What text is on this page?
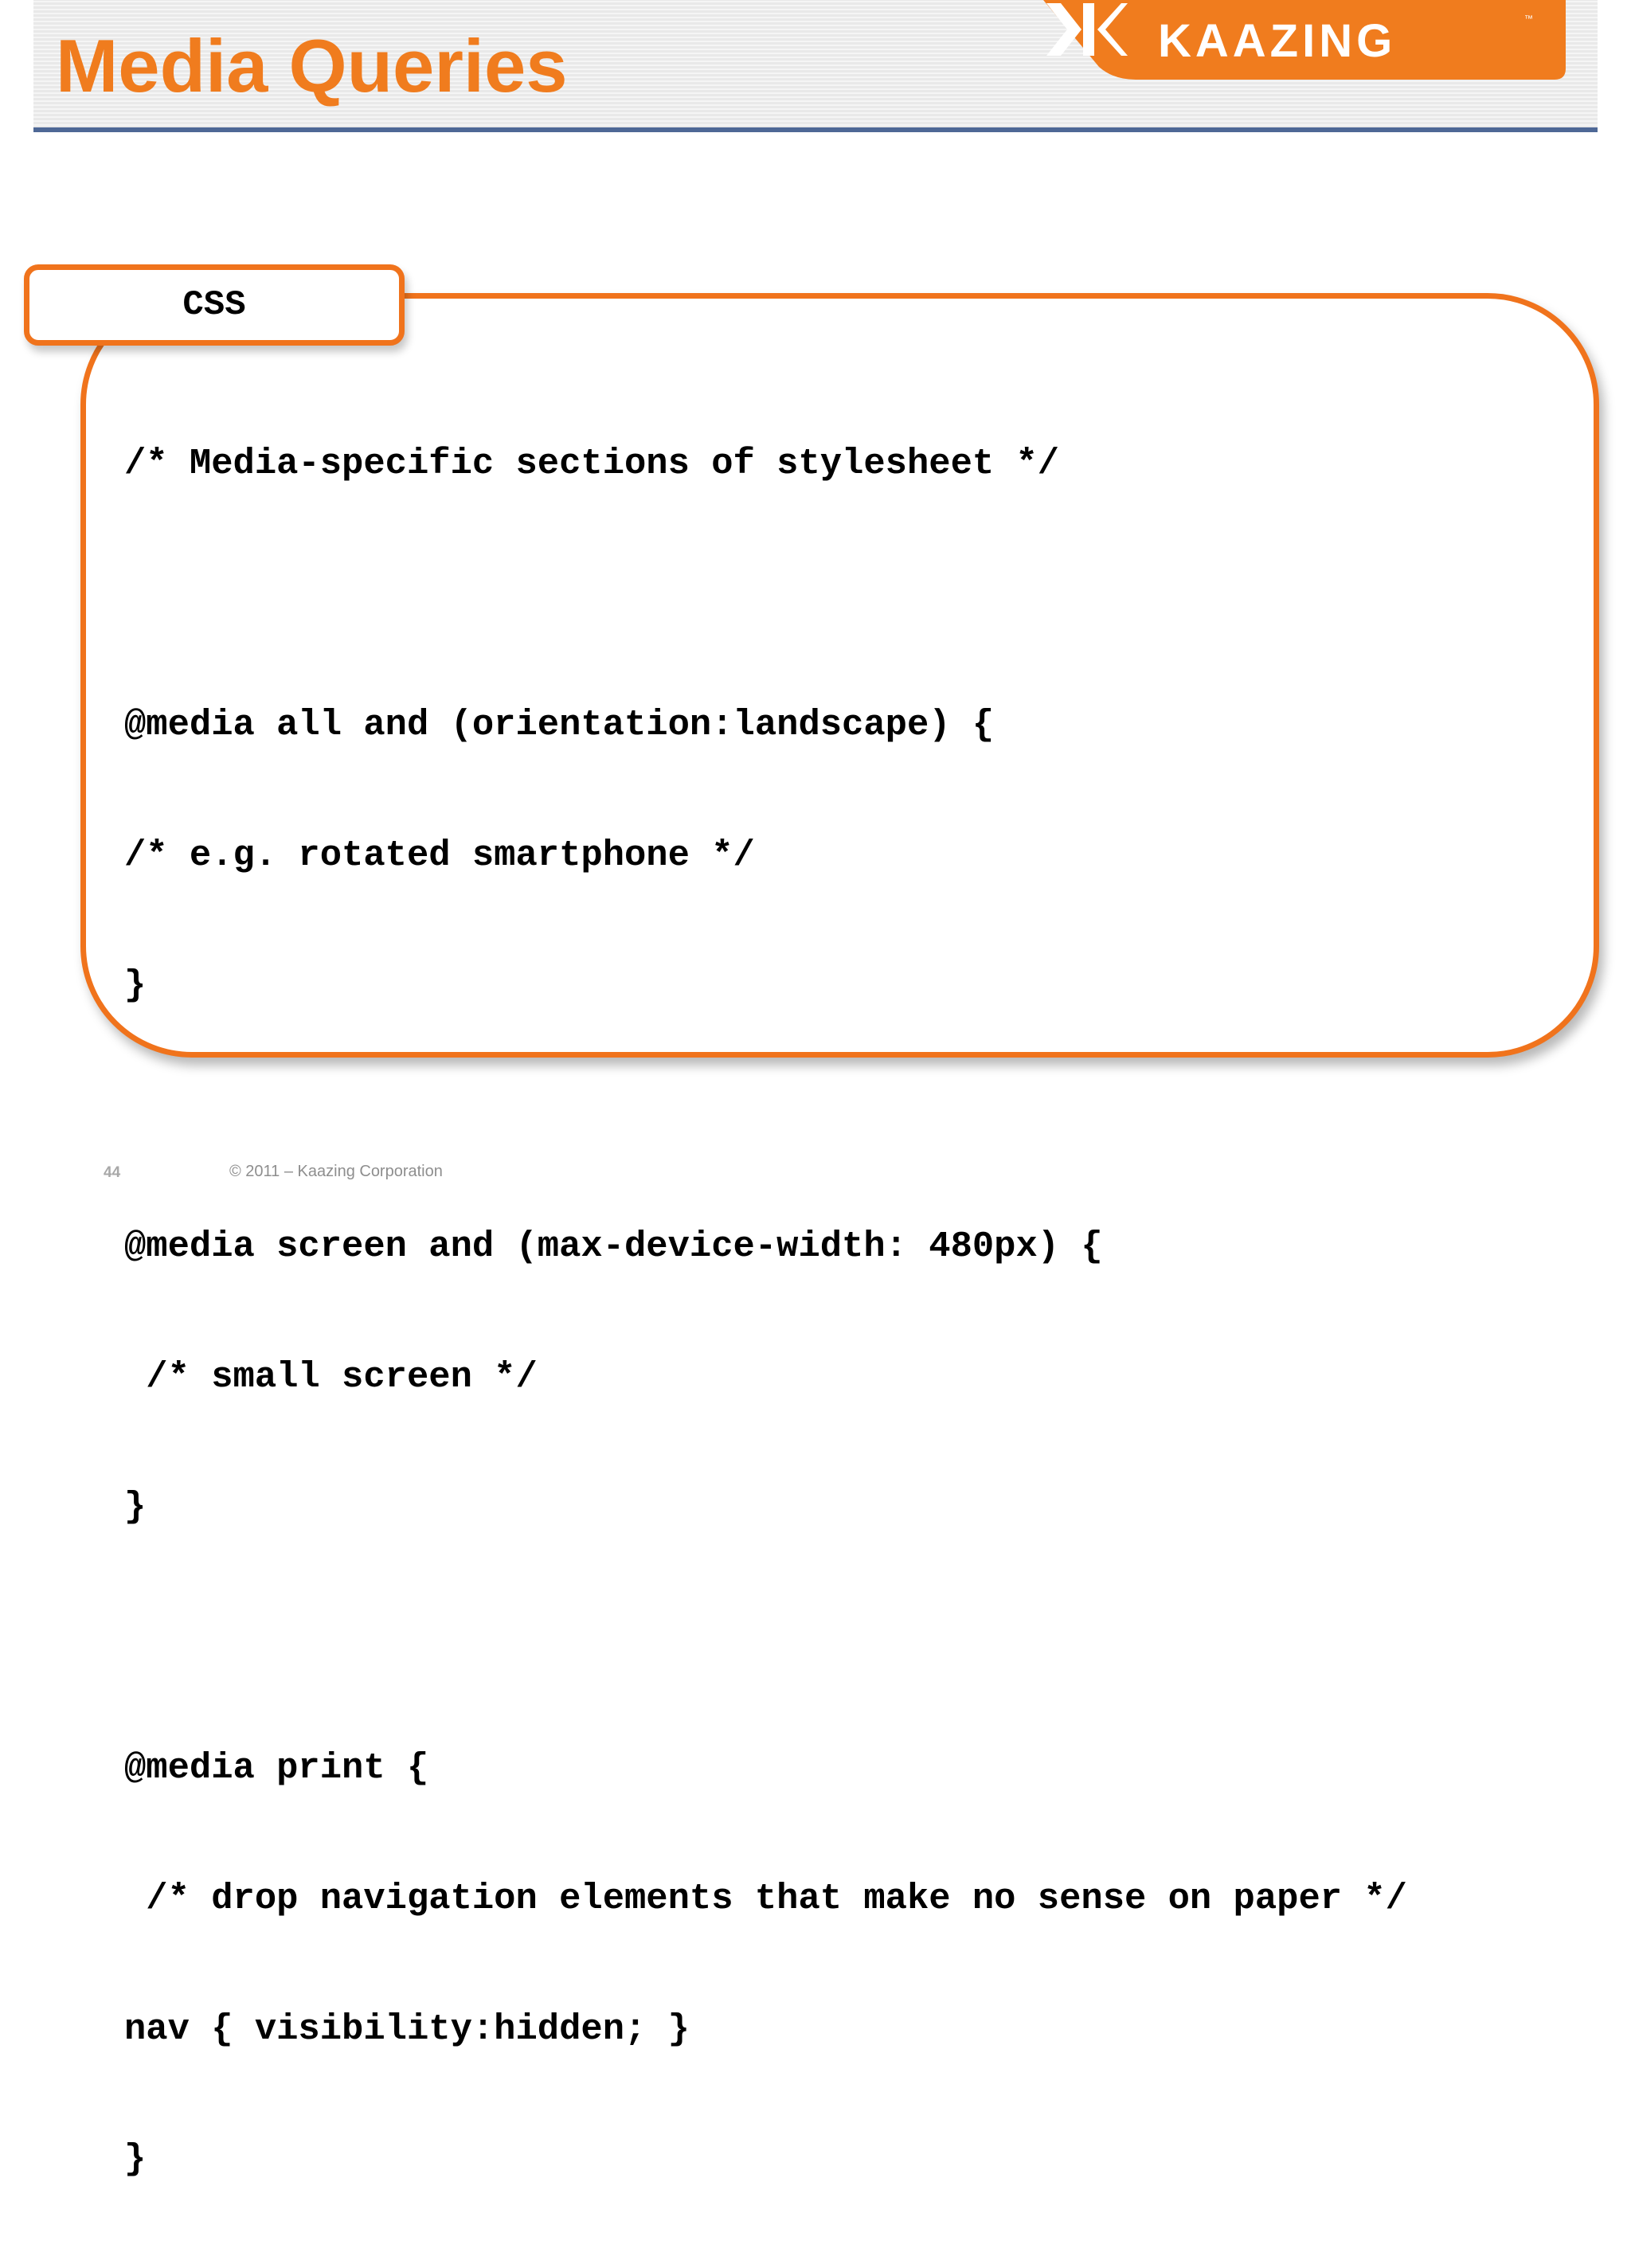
Media Queries	KAAZING	™
CSS

/* Media-specific sections of stylesheet */

@media all and (orientation:landscape) {

/* e.g. rotated smartphone */

}

@media screen and (max-device-width: 480px) {

/* small screen */

}

@media print {

/* drop navigation elements that make no sense on paper */

nav { visibility:hidden; }

}

44	© 2011 – Kaazing Corporation
